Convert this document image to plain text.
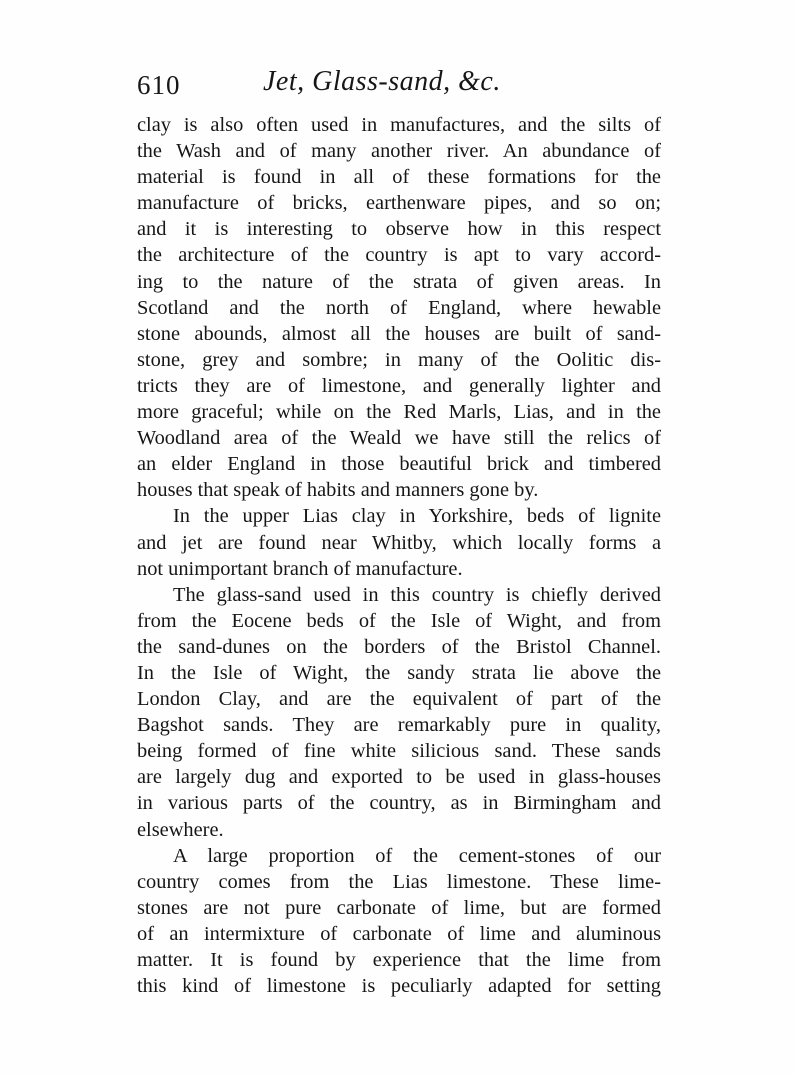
610	Jet, Glass-sand, &c.
clay is also often used in manufactures, and the silts of
the Wash and of many another river. An abundance of
material is found in all of these formations for the
manufacture of bricks, earthenware pipes, and so on;
and it is interesting to observe how in this respect
the architecture of the country is apt to vary accord-
ing to the nature of the strata of given areas. In
Scotland and the north of England, where hewable
stone abounds, almost all the houses are built of sand-
stone, grey and sombre; in many of the Oolitic dis-
tricts they are of limestone, and generally lighter and
more graceful; while on the Red Marls, Lias, and in the
Woodland area of the Weald we have still the relics of
an elder England in those beautiful brick and timbered
houses that speak of habits and manners gone by.
In the upper Lias clay in Yorkshire, beds of lignite
and jet are found near Whitby, which locally forms a
not unimportant branch of manufacture.
The glass-sand used in this country is chiefly derived
from the Eocene beds of the Isle of Wight, and from
the sand-dunes on the borders of the Bristol Channel.
In the Isle of Wight, the sandy strata lie above the
London Clay, and are the equivalent of part of the
Bagshot sands. They are remarkably pure in quality,
being formed of fine white silicious sand. These sands
are largely dug and exported to be used in glass-houses
in various parts of the country, as in Birmingham and
elsewhere.
A large proportion of the cement-stones of our
country comes from the Lias limestone. These lime-
stones are not pure carbonate of lime, but are formed
of an intermixture of carbonate of lime and aluminous
matter. It is found by experience that the lime from
this kind of limestone is peculiarly adapted for setting
